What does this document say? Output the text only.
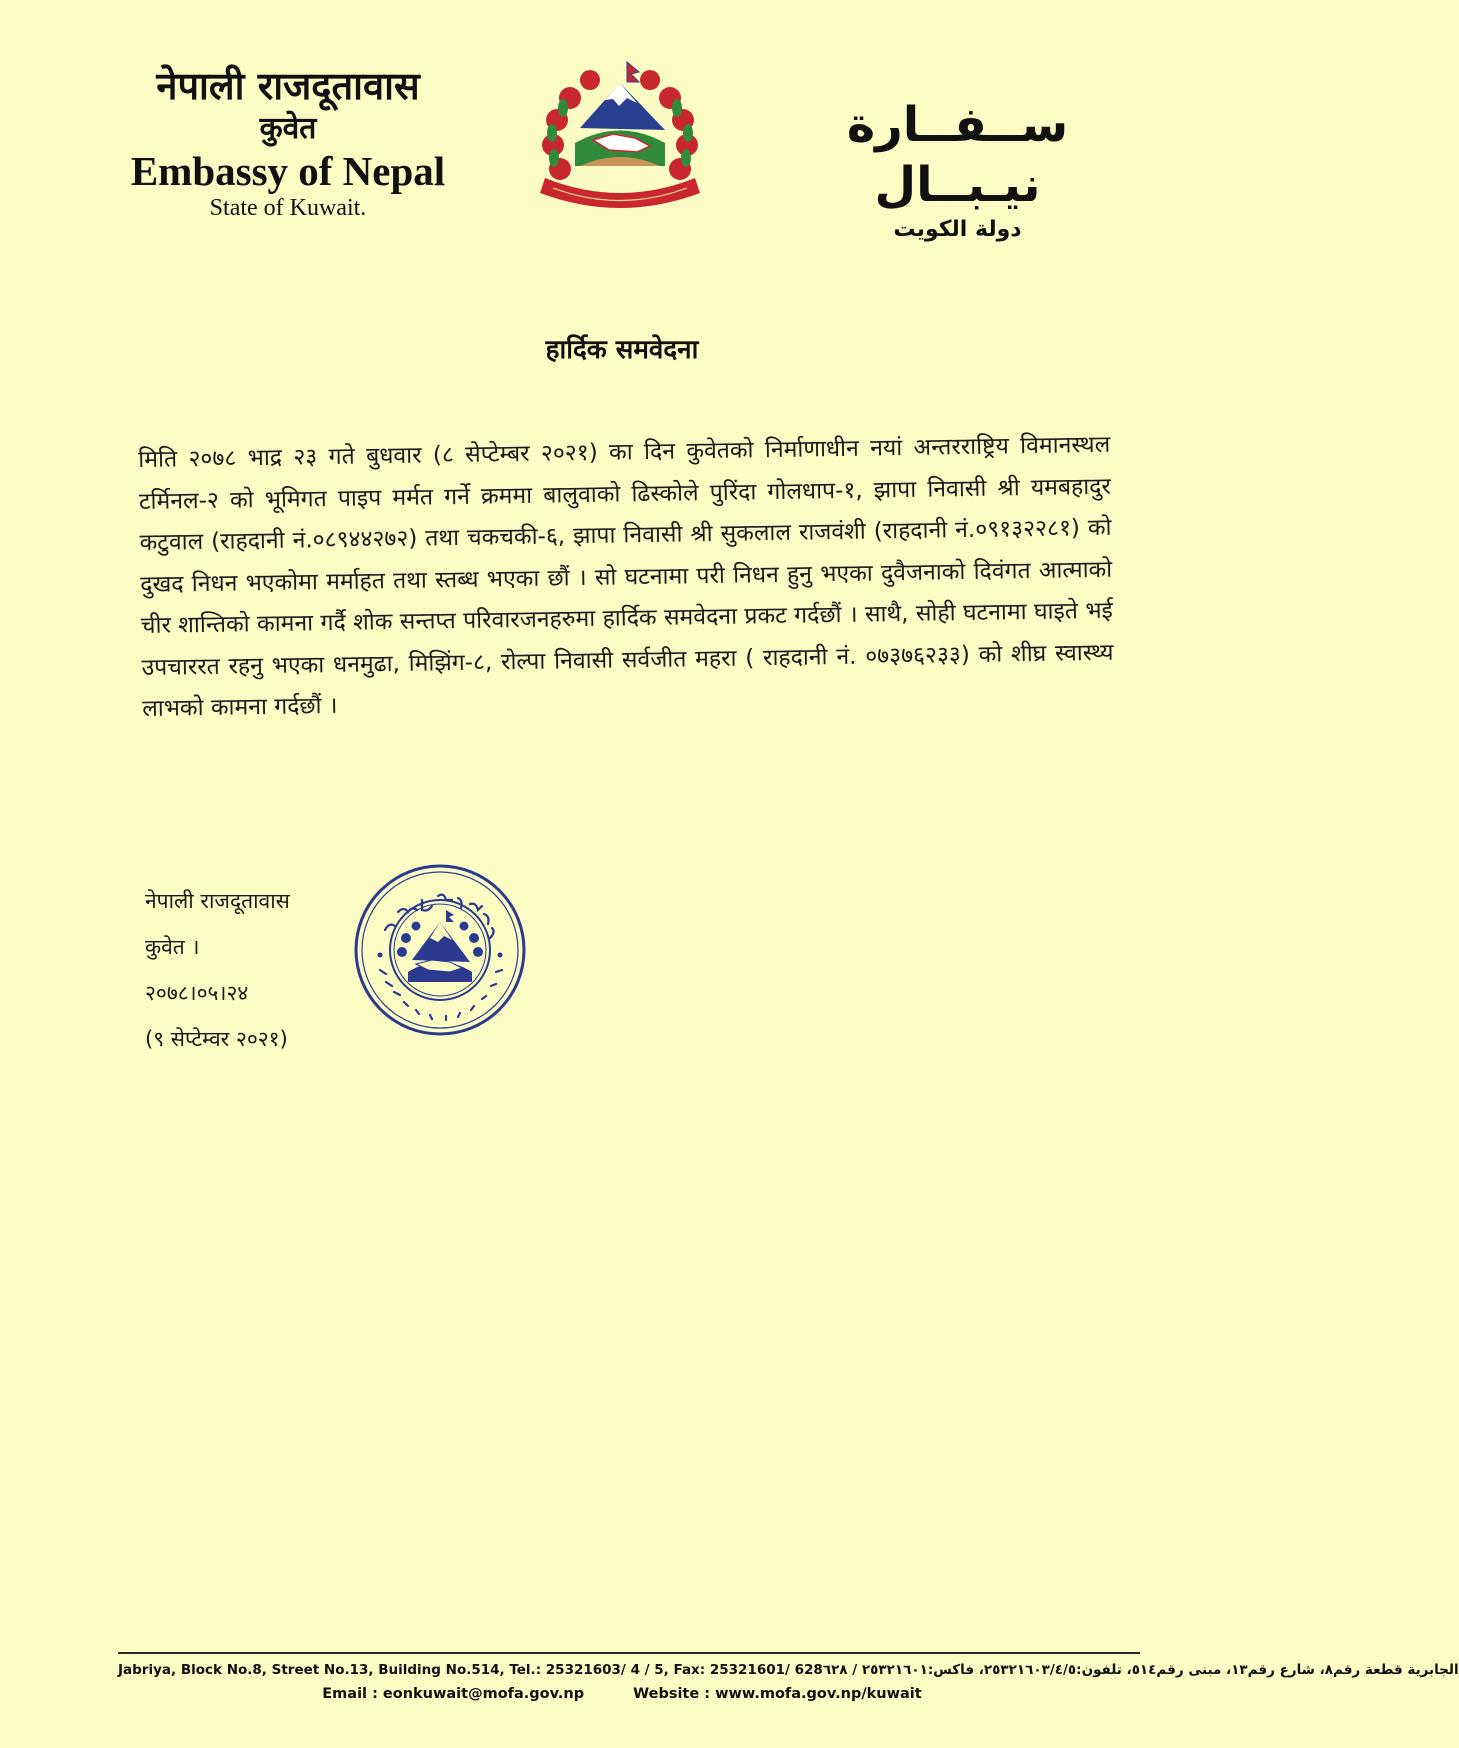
नेपाली राजदूतावास
कुवेत
Embassy of Nepal
State of Kuwait.
ســفــارة نيـبــال
دولة الكويت
हार्दिक समवेदना
मिति २०७८ भाद्र २३ गते बुधवार (८ सेप्टेम्बर २०२१) का दिन कुवेतको निर्माणाधीन नयां अन्तरराष्ट्रिय विमानस्थल टर्मिनल-२ को भूमिगत पाइप मर्मत गर्ने क्रममा बालुवाको ढिस्कोले पुरिंदा गोलधाप-१, झापा निवासी श्री यमबहादुर कटुवाल (राहदानी नं.०८९४४२७२) तथा चकचकी-६, झापा निवासी श्री सुकलाल राजवंशी (राहदानी नं.०९१३२२८१) को दुखद निधन भएकोमा मर्माहत तथा स्तब्ध भएका छौं । सो घटनामा परी निधन हुनु भएका दुवैजनाको दिवंगत आत्माको चीर शान्तिको कामना गर्दै शोक सन्तप्त परिवारजनहरुमा हार्दिक समवेदना प्रकट गर्दछौं । साथै, सोही घटनामा घाइते भई उपचाररत रहनु भएका धनमुढा, मिझिंग-८, रोल्पा निवासी सर्वजीत महरा ( राहदानी नं. ०७३७६२३३) को शीघ्र स्वास्थ्य लाभको कामना गर्दछौं ।
नेपाली राजदूतावास
कुवेत ।
२०७८।०५।२४
(९ सेप्टेम्वर २०२१)
Jabriya, Block No.8, Street No.13, Building No.514, Tel.: 25321603/ 4 / 5, Fax: 25321601/ 628 الجابرية قطعة رقم٨، شارع رقم١٣، مبنى رقم٥١٤، تلفون:٢٥٣٢١٦٠٣/٤/٥، فاكس:٢٥٣٢١٦٠١ / ٦٢٨
Email : eonkuwait@mofa.gov.np	Website : www.mofa.gov.np/kuwait
